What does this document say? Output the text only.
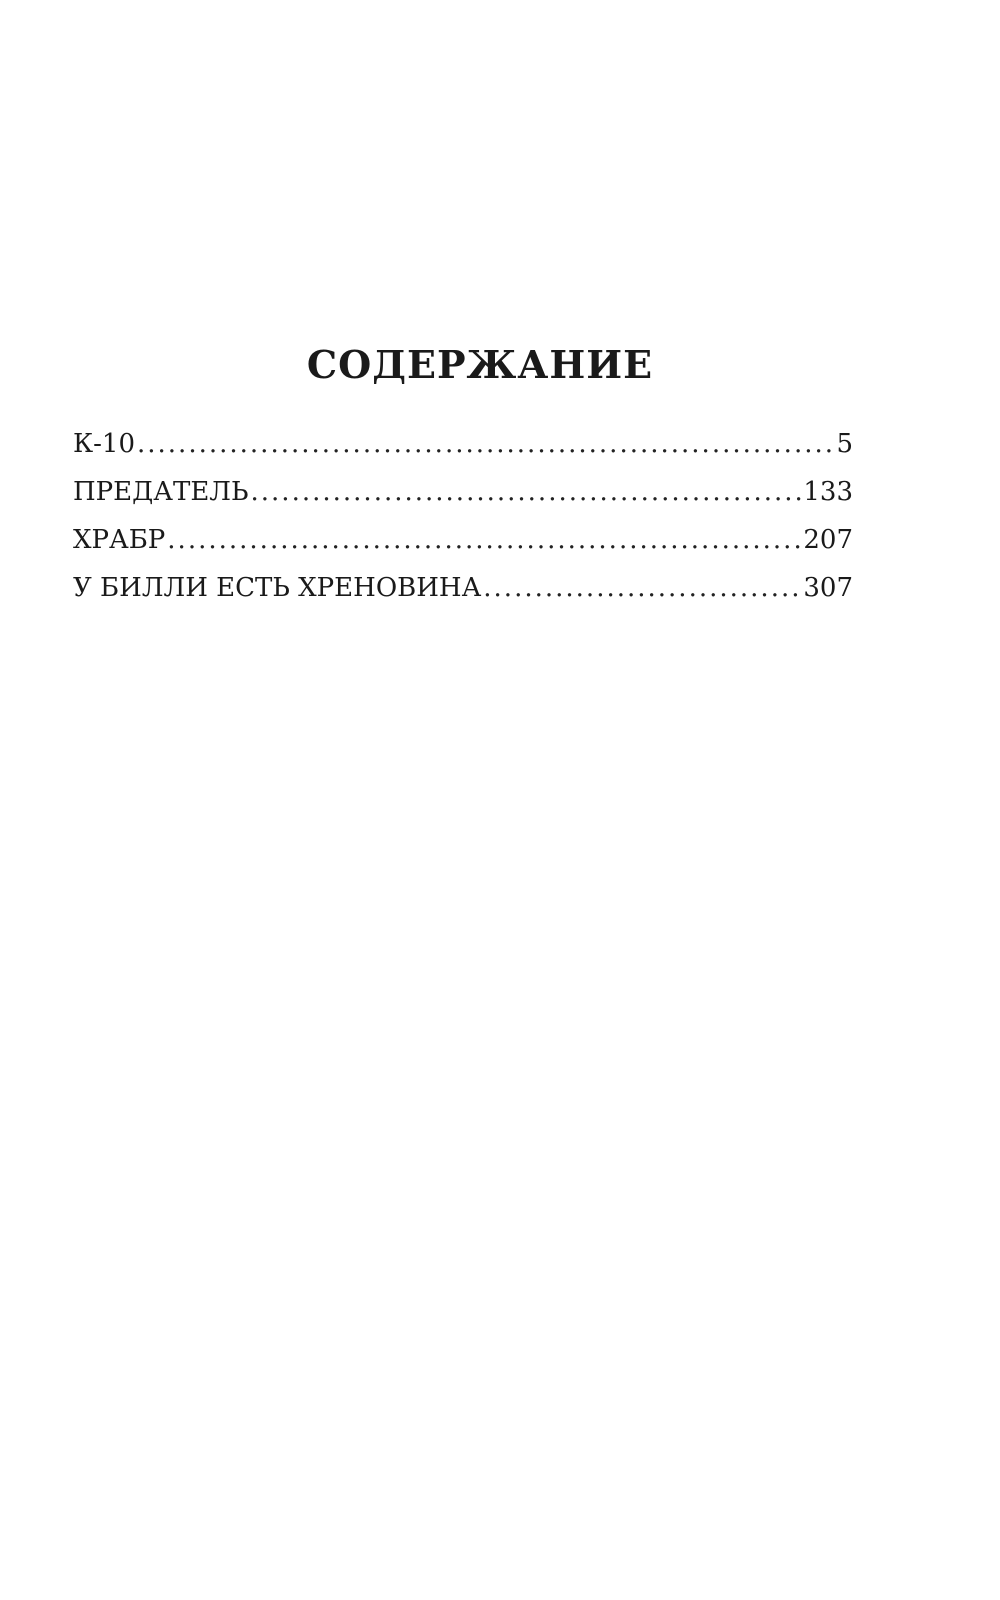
СОДЕРЖАНИЕ
К-10 .....	5
ПРЕДАТЕЛЬ .....	133
ХРАБР .....	207
У БИЛЛИ ЕСТЬ ХРЕНОВИНА .....	307
